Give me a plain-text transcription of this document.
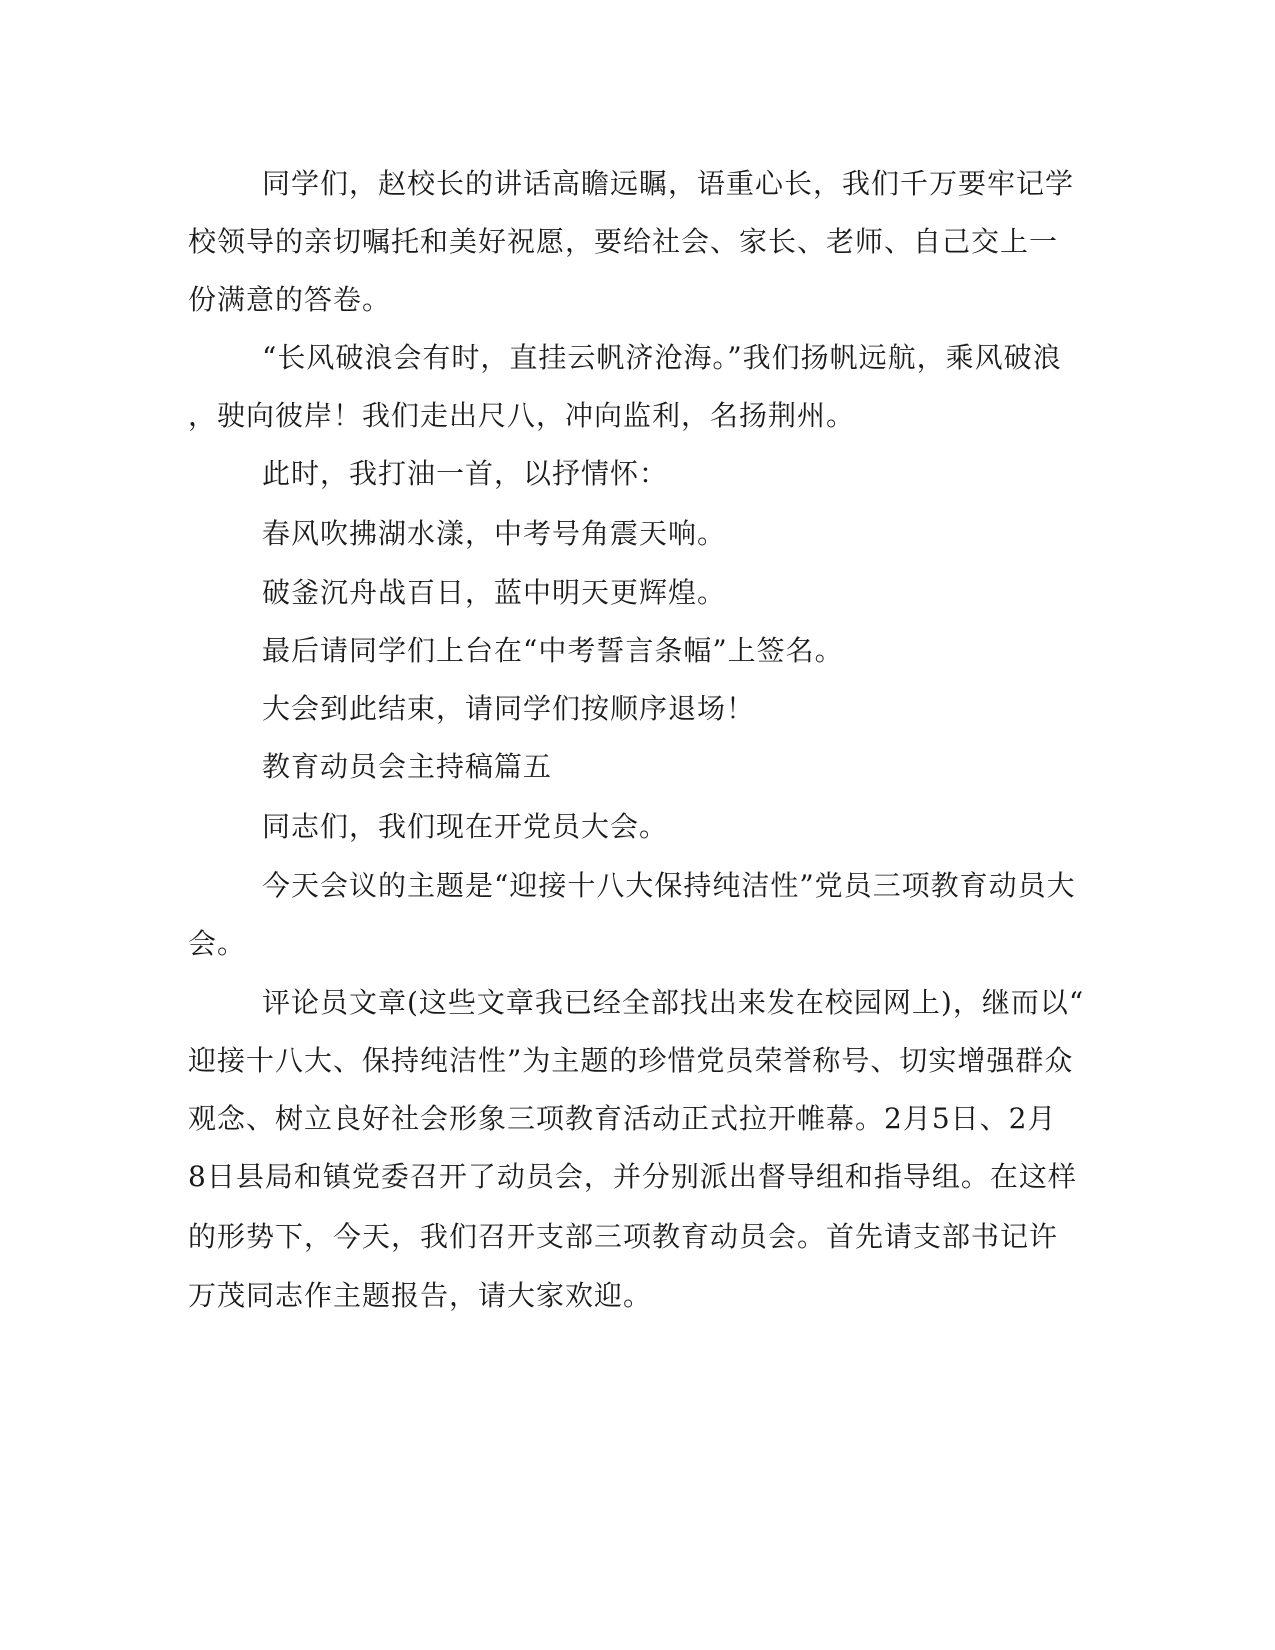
同学们，赵校长的讲话高瞻远瞩，语重心长，我们千万要牢记学
校领导的亲切嘱托和美好祝愿，要给社会、家长、老师、自己交上一
份满意的答卷。
“长风破浪会有时，直挂云帆济沧海。”我们扬帆远航，乘风破浪
，驶向彼岸！我们走出尺八，冲向监利，名扬荆州。
此时，我打油一首，以抒情怀：
春风吹拂湖水漾，中考号角震天响。
破釜沉舟战百日，蓝中明天更辉煌。
最后请同学们上台在“中考誓言条幅”上签名。
大会到此结束，请同学们按顺序退场！
教育动员会主持稿篇五
同志们，我们现在开党员大会。
今天会议的主题是“迎接十八大保持纯洁性”党员三项教育动员大
会。
评论员文章(这些文章我已经全部找出来发在校园网上)，继而以“
迎接十八大、保持纯洁性”为主题的珍惜党员荣誉称号、切实增强群众
观念、树立良好社会形象三项教育活动正式拉开帷幕。2月5日、2月
8日县局和镇党委召开了动员会，并分别派出督导组和指导组。在这样
的形势下，今天，我们召开支部三项教育动员会。首先请支部书记许
万茂同志作主题报告，请大家欢迎。
